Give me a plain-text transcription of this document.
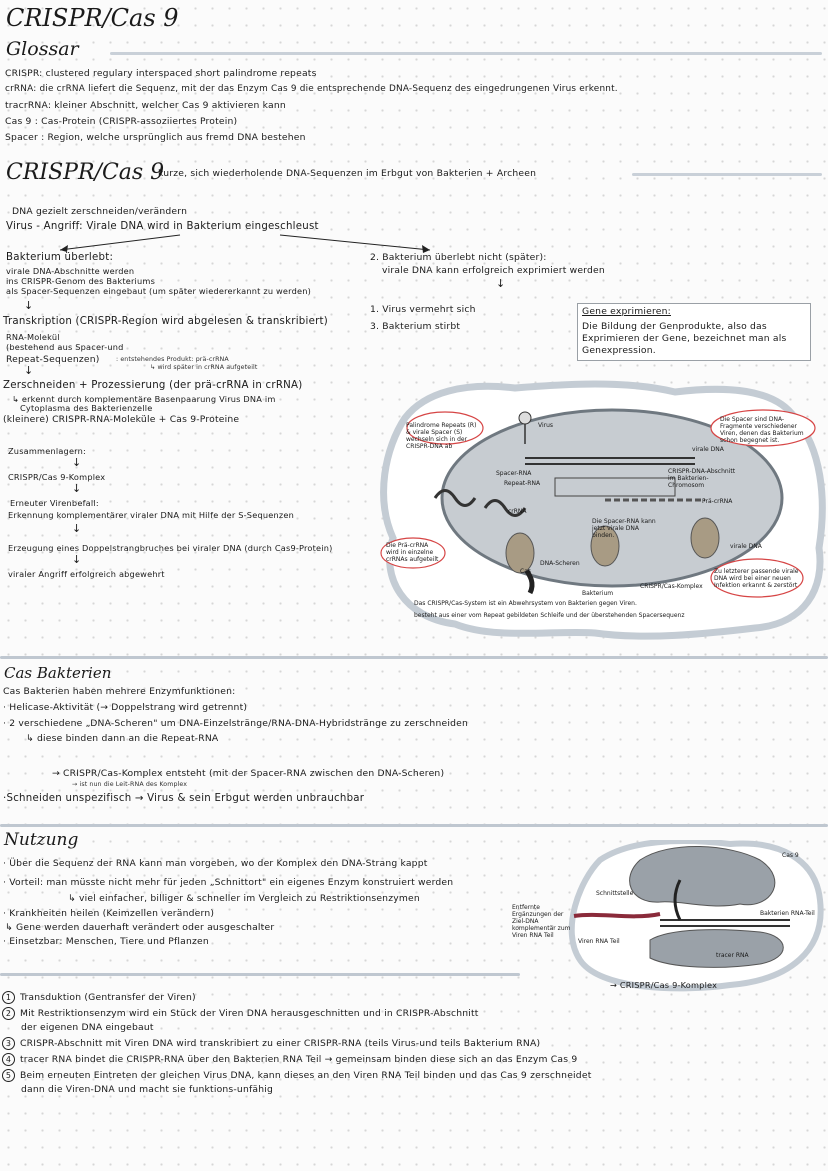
CRISPR/Cas 9
Glossar
CRISPR: clustered regulary interspaced short palindrome repeats
crRNA: die crRNA liefert die Sequenz, mit der das Enzym Cas 9 die entsprechende DNA-Sequenz des eingedrungenen Virus erkennt.
tracrRNA: kleiner Abschnitt, welcher Cas 9 aktivieren kann
Cas 9 : Cas-Protein (CRISPR-assoziiertes Protein)
Spacer : Region, welche ursprünglich aus fremd DNA bestehen
CRISPR/Cas 9
kurze, sich wiederholende DNA-Sequenzen im Erbgut von Bakterien + Archeen
DNA gezielt zerschneiden/verändern
Virus - Angriff: Virale DNA wird in Bakterium eingeschleust
Bakterium überlebt:
virale DNA-Abschnitte werden
ins CRISPR-Genom des Bakteriums
als Spacer-Sequenzen eingebaut (um später wiedererkannt zu werden)
↓
Transkription (CRISPR-Region wird abgelesen & transkribiert)
RNA-Molekül
(bestehend aus Spacer-und
Repeat-Sequenzen)	: entstehendes Produkt: prä-crRNA
↳ wird später in crRNA aufgeteilt
↓
Zerschneiden + Prozessierung (der prä-crRNA in crRNA)
↳ erkennt durch komplementäre Basenpaarung Virus DNA im
Cytoplasma des Bakterienzelle
(kleinere) CRISPR-RNA-Moleküle + Cas 9-Proteine
Zusammenlagern:
↓
CRISPR/Cas 9-Komplex
↓
Erneuter Virenbefall:
Erkennung komplementärer viraler DNA mit Hilfe der S-Sequenzen
↓
Erzeugung eines Doppelstrangbruches bei viraler DNA (durch Cas9-Protein)
↓
viraler Angriff erfolgreich abgewehrt
2. Bakterium überlebt nicht (später):
virale DNA kann erfolgreich exprimiert werden
↓
1. Virus vermehrt sich
3. Bakterium stirbt
Gene exprimieren:
Die Bildung der Genprodukte, also das
Exprimieren der Gene, bezeichnet man als
Genexpression.
Palindrome Repeats (R) & virale Spacer (S) wechseln sich in der CRISPR-DNA ab
Virus
virale DNA
CRISPR-DNA-Abschnitt im Bakterien-Chromosom
Spacer-RNA
Repeat-RNA
crRNA
Prä-crRNA
Die Spacer-RNA kann jetzt virale DNA binden.
DNA-Scheren
Cas
Bakterium
virale DNA
CRISPR/Cas-Komplex
Die Spacer sind DNA-Fragmente verschiedener Viren, denen das Bakterium schon begegnet ist.
Die Prä-crRNA wird in einzelne crRNAs aufgeteilt
Zu letzterer passende virale DNA wird bei einer neuen Infektion erkannt & zerstört
Das CRISPR/Cas-System ist ein Abwehrsystem von Bakterien gegen Viren.
besteht aus einer vom Repeat gebildeten Schleife und der überstehenden Spacersequenz
Cas Bakterien
Cas Bakterien haben mehrere Enzymfunktionen:
· Helicase-Aktivität (→ Doppelstrang wird getrennt)
· 2 verschiedene „DNA-Scheren" um DNA-Einzelstränge/RNA-DNA-Hybridstränge zu zerschneiden
↳ diese binden dann an die Repeat-RNA
→ CRISPR/Cas-Komplex entsteht (mit der Spacer-RNA zwischen den DNA-Scheren)
→ ist nun die Leit-RNA des Komplex
·Schneiden unspezifisch → Virus & sein Erbgut werden unbrauchbar
Nutzung
· Über die Sequenz der RNA kann man vorgeben, wo der Komplex den DNA-Strang kappt
· Vorteil: man müsste nicht mehr für jeden „Schnittort" ein eigenes Enzym konstruiert werden
↳ viel einfacher, billiger & schneller im Vergleich zu Restriktionsenzymen
· Krankheiten heilen (Keimzellen verändern)
↳ Gene werden dauerhaft verändert oder ausgeschalter
· Einsetzbar: Menschen, Tiere und Pflanzen
Cas 9
Schnittstelle
Entfernte Ergänzungen der Ziel-DNA komplementär zum Viren RNA Teil
Bakterien RNA-Teil
Viren RNA Teil
tracer RNA
→ CRISPR/Cas 9-Komplex
1 Transduktion (Gentransfer der Viren)
2 Mit Restriktionsenzym wird ein Stück der Viren DNA herausgeschnitten und in CRISPR-Abschnitt
der eigenen DNA eingebaut
3 CRISPR-Abschnitt mit Viren DNA wird transkribiert zu einer CRISPR-RNA (teils Virus-und teils Bakterium RNA)
4 tracer RNA bindet die CRISPR-RNA über den Bakterien RNA Teil → gemeinsam binden diese sich an das Enzym Cas 9
5 Beim erneuten Eintreten der gleichen Virus DNA, kann dieses an den Viren RNA Teil binden und das Cas 9 zerschneidet
dann die Viren-DNA und macht sie funktions-unfähig
